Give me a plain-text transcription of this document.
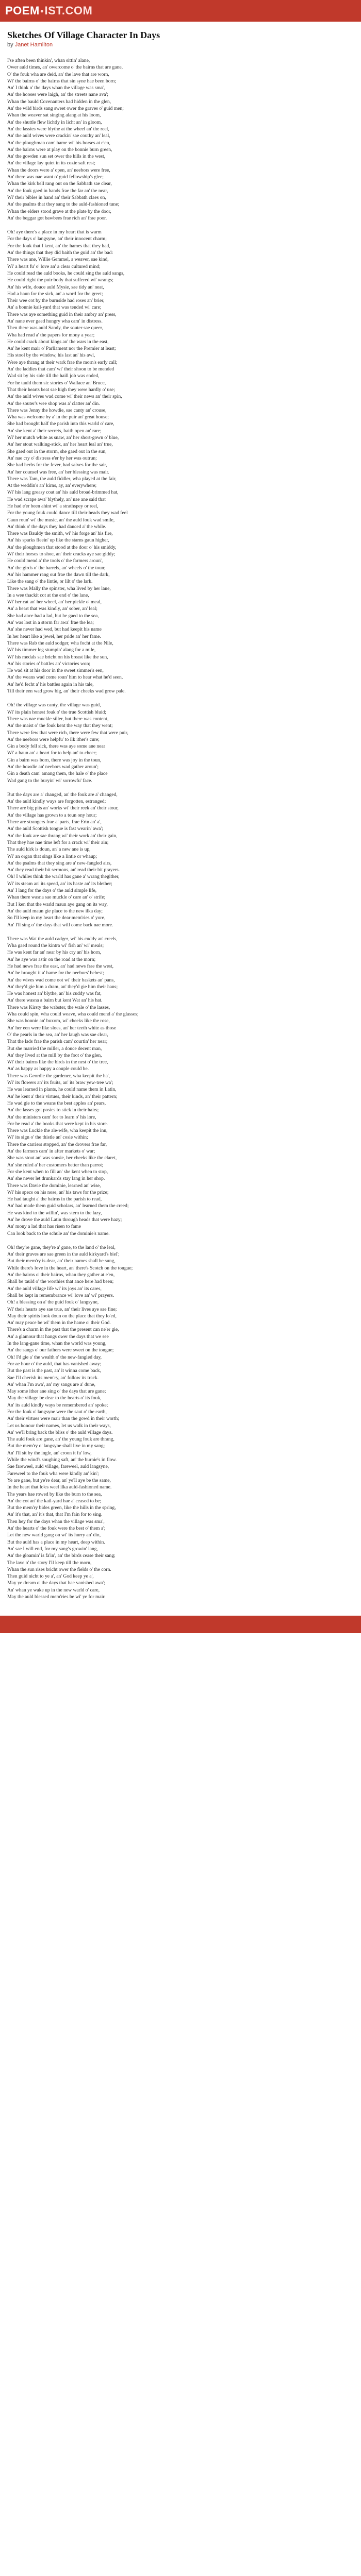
POEM ● IST.COM
Sketches Of Village Character In Days
by Janet Hamilton
I'se aften been thinkin', whan sittin' alane,
Ower auld times, an' owercome o' the bairns that are gane,
O' the fouk wha are deid, an' the lave that are worn,
Wi' the bairns o' the bairns that sin syne hae been born;
An' I think o' the days whan the village was sma',
An' the hooses were laigh, an' the streets nane ava';
Whan the bauld Covenanters had hidden in the glen,
An' the wild birds sang sweet ower the graves o' guid men;
Whan the weaver sat singing alang at his loom,
An' the shuttle flew lichtly in licht an' in gloom,
An' the lassies were blythe at the wheel an' the reel,
An' the auld wives were crackin' sae couthy an' leal,
An' the ploughman cam' hame wi' his horses at e'en,
An' the bairns were at play on the bonnie burn green,
An' the gowden sun set ower the hills in the west,
An' the village lay quiet in its cozie saft rest;
Whan the doors were a' open, an' neebors were free,
An' there was nae want o' guid fellowship's glee;
Whan the kirk bell rang out on the Sabbath sae clear,
An' the fouk gaed in bands frae the far an' the near,
Wi' their bibles in hand an' their Sabbath claes on,
An' the psalms that they sang to the auld-fashioned tune;
Whan the elders stood grave at the plate by the door,
An' the beggar got bawbees frae rich an' frae poor.
Oh! aye there's a place in my heart that is warm
For the days o' langsyne, an' their innocent charm;
For the fouk that I kent, an' the hames that they had,
An' the things that they did baith the guid an' the bad:
There was ane, Willie Gemmel, a weaver, sae kind,
Wi' a heart fu' o' love an' a clear cultured mind;
He could read the auld books, he could sing the auld sangs,
He could right the puir body that suffered wi' wrangs;
An' his wife, douce auld Mysie, sae tidy an' neat,
Had a haun for the sick, an' a word for the greet;
Their wee cot by the burnside had roses an' brier,
An' a bonnie kail-yard that was tended wi' care;
There was aye something guid in their ambry an' press,
An' nane ever gaed hungry wha cam' in distress.
Then there was auld Sandy, the souter sae queer,
Wha had read a' the papers for mony a year;
He could crack about kings an' the wars in the east,
An' he kent mair o' Parliament nor the Premier at least;
His stool by the window, his last an' his awl,
Were aye thrang at their wark frae the morn's early call;
An' the laddies that cam' wi' their shoon to be mended
Wad sit by his side till the haill job was ended,
For he tauld them sic stories o' Wallace an' Bruce,
That their hearts beat sae high they were hardly o' use;
An' the auld wives wad come wi' their news an' their spin,
An' the souter's wee shop was a' clatter an' din.
There was Jenny the howdie, sae canty an' crouse,
Wha was welcome by a' in the puir an' great house;
She had brought half the parish into this warld o' care,
An' she kent a' their secrets, baith open an' rare;
Wi' her mutch white as snaw, an' her short-gown o' blue,
An' her stout walking-stick, an' her heart leal an' true,
She gaed out in the storm, she gaed out in the sun,
An' nae cry o' distress e'er by her was outrun;
She had herbs for the fever, had salves for the sair,
An' her counsel was free, an' her blessing was mair.
There was Tam, the auld fiddler, wha played at the fair,
At the weddin's an' kirns, ay, an' everywhere;
Wi' his lang greasy coat an' his auld broad-brimmed hat,
He wad scrape awa' blythely, an' nae ane said that
He had e'er been ahint wi' a strathspey or reel,
For the young fouk could dance till their heads they wad feel
Gaun roun' wi' the music, an' the auld fouk wad smile,
An' think o' the days they had danced a' the while.
There was Bauldy the smith, wi' his forge an' his fire,
An' his sparks fleein' up like the starns gaun higher,
An' the ploughmen that stood at the door o' his smiddy,
Wi' their horses to shoe, an' their cracks aye sae giddy;
He could mend a' the tools o' the farmers aroun',
An' the girds o' the barrels, an' wheels o' the toun;
An' his hammer rang out frae the dawn till the dark,
Like the sang o' the lintie, or lilt o' the lark.
There was Mally the spinster, wha lived by her lane,
In a wee thackit cot at the end o' the lane,
Wi' her cat an' her wheel, an' her pickle o' meal,
An' a heart that was kindly, an' sober, an' leal;
She had ance had a lad, but he gaed to the sea,
An' was lost in a storm far awa' frae the lea;
An' she never had wed, but had keepit his name
In her heart like a jewel, her pride an' her fame.
There was Rab the auld sodger, wha focht at the Nile,
Wi' his timmer leg stumpin' alang for a mile,
Wi' his medals sae bricht on his breast like the sun,
An' his stories o' battles an' victories won;
He wad sit at his door in the sweet simmer's een,
An' the weans wad come roun' him to hear what he'd seen,
An' he'd fecht a' his battles again in his tale,
Till their een wad grow big, an' their cheeks wad grow pale.
Oh! the village was canty, the village was guid,
Wi' its plain honest fouk o' the true Scottish bluid;
There was nae muckle siller, but there was content,
An' the maist o' the fouk kent the way that they went;
There were few that were rich, there were few that were puir,
An' the neebors were helpfu' to ilk ither's cure;
Gin a body fell sick, there was aye some ane near
Wi' a haun an' a heart for to help an' to cheer;
Gin a bairn was born, there was joy in the toun,
An' the howdie an' neebors wad gather aroun';
Gin a death cam' amang them, the hale o' the place
Wad gang to the buryin' wi' sorrowfu' face.
But the days are a' changed, an' the fouk are a' changed,
An' the auld kindly ways are forgotten, estranged;
There are big pits an' works wi' their reek an' their stour,
An' the village has grown to a toun ony hour;
There are strangers frae a' parts, frae Erin an' a',
An' the auld Scottish tongue is fast wearin' awa';
An' the fouk are sae thrang wi' their work an' their gain,
That they hae nae time left for a crack wi' their ain;
The auld kirk is doun, an' a new ane is up,
Wi' an organ that sings like a lintie or whaup;
An' the psalms that they sing are a' new-fangled airs,
An' they read their bit sermons, an' read their bit prayers.
Oh! I whiles think the warld has gane a' wrang thegither,
Wi' its steam an' its speed, an' its haste an' its blether;
An' I lang for the days o' the auld simple life,
Whan there wasna sae muckle o' care an' o' strife;
But I ken that the warld maun aye gang on its way,
An' the auld maun gie place to the new ilka day;
So I'll keep in my heart the dear mem'ries o' yore,
An' I'll sing o' the days that will come back nae more.
There was Wat the auld cadger, wi' his cuddy an' creels,
Wha gaed round the kintra wi' fish an' wi' meals;
He was kent far an' near by his cry an' his horn,
An' he aye was astir on the road at the morn;
He had news frae the east, an' had news frae the west,
An' he brought it a' hame for the neebors' behest;
An' the wives wad come oot wi' their baskets an' pans,
An' they'd gie him a dram, an' they'd gie him their hans;
He was honest an' blythe, an' his cuddy was fat,
An' there wasna a bairn but kent Wat an' his hat.
There was Kirsty the wabster, the wale o' the lasses,
Wha could spin, wha could weave, wha could mend a' the glasses;
She was bonnie an' buxom, wi' cheeks like the rose,
An' her een were like sloes, an' her teeth white as those
O' the pearls in the sea, an' her laugh was sae clear,
That the lads frae the parish cam' courtin' her near;
But she married the miller, a douce decent man,
An' they lived at the mill by the foot o' the glen,
Wi' their bairns like the birds in the nest o' the tree,
An' as happy as happy a couple could be.
There was Geordie the gardener, wha keepit the ha',
Wi' its flowers an' its fruits, an' its braw yew-tree wa';
He was learned in plants, he could name them in Latin,
An' he kent a' their virtues, their kinds, an' their pattern;
He wad gie to the weans the best apples an' pears,
An' the lasses got posies to stick in their hairs;
An' the ministers cam' for to learn o' his lore,
For he read a' the books that were kept in his store.
There was Luckie the ale-wife, wha keepit the inn,
Wi' its sign o' the thistle an' cosie within;
There the carriers stopped, an' the drovers frae far,
An' the farmers cam' in after markets o' war;
She was stout an' was sonsie, her cheeks like the claret,
An' she ruled a' her customers better than parrot;
For she kent when to fill an' she kent when to stop,
An' she never let drunkards stay lang in her shop.
There was Davie the dominie, learned an' wise,
Wi' his specs on his nose, an' his taws for the prize;
He had taught a' the bairns in the parish to read,
An' had made them guid scholars, an' learned them the creed;
He was kind to the willin', was stern to the lazy,
An' he drove the auld Latin through heads that were hazy;
An' mony a lad that has risen to fame
Can look back to the schule an' the dominie's name.
Oh! they're gane, they're a' gane, to the land o' the leal,
An' their graves are sae green in the auld kirkyard's biel';
But their mem'ry is dear, an' their names shall be sung,
While there's love in the heart, an' there's Scotch on the tongue;
An' the bairns o' their bairns, whan they gather at e'en,
Shall be tauld o' the worthies that ance here had been;
An' the auld village life wi' its joys an' its cares,
Shall be kept in remembrance wi' love an' wi' prayers.
Oh! a blessing on a' the guid fouk o' langsyne,
Wi' their hearts aye sae true, an' their lives aye sae fine;
May their spirits look doun on the place that they lo'ed,
An' may peace be wi' them in the hame o' their God.
There's a charm in the past that the present can ne'er gie,
An' a glamour that hangs ower the days that we see
In the lang-gane time, whan the world was young,
An' the sangs o' our fathers were sweet on the tongue;
Oh! I'd gie a' the wealth o' the new-fangled day,
For ae hour o' the auld, that has vanished away;
But the past is the past, an' it winna come back,
Sae I'll cherish its mem'ry, an' follow its track.
An' whan I'm awa', an' my sangs are a' dune,
May some ither ane sing o' the days that are gane;
May the village be dear to the hearts o' its fouk,
An' its auld kindly ways be remembered an' spoke;
For the fouk o' langsyne were the saut o' the earth,
An' their virtues were mair than the gowd in their worth;
Let us honour their names, let us walk in their ways,
An' we'll bring back the bliss o' the auld village days.
The auld fouk are gane, an' the young fouk are thrang,
But the mem'ry o' langsyne shall live in my sang;
An' I'll sit by the ingle, an' croon it fu' low,
While the wind's soughing saft, an' the burnie's in flow.
Sae fareweel, auld village, fareweel, auld langsyne,
Fareweel to the fouk wha were kindly an' kin';
Ye are gane, but ye're dear, an' ye'll aye be the same,
In the heart that lo'es weel ilka auld-fashioned name.
The years hae rowed by like the burn to the sea,
An' the cot an' the kail-yard hae a' ceased to be;
But the mem'ry bides green, like the hills in the spring,
An' it's that, an' it's that, that I'm fain for to sing.
Then hey for the days whan the village was sma',
An' the hearts o' the fouk were the best o' them a';
Let the new warld gang on wi' its hurry an' din,
But the auld has a place in my heart, deep within.
An' sae I will end, for my sang's growin' lang,
An' the gloamin' is fa'in', an' the birds cease their sang;
The lave o' the story I'll keep till the morn,
Whan the sun rises bricht ower the fields o' the corn.
Then guid nicht to ye a', an' God keep ye a',
May ye dream o' the days that hae vanished awa';
An' whan ye wake up in the new warld o' care,
May the auld blessed mem'ries be wi' ye for mair.
